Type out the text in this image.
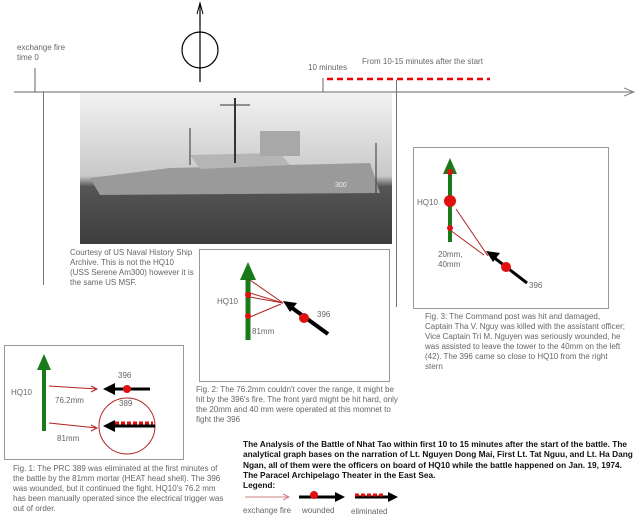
exchange fire
time 0
10 minutes
From 10-15 minutes after the start
300
Courtesy of US Naval History Ship Archive. This is not the HQ10 (USS Serene Am300) however it is the same US MSF.
HQ10
396
81mm
Fig. 2: The 76.2mm couldn't cover the range, it might be hit by the 396's fire. The front yard might be hit hard, only the 20mm and 40 mm were operated at this momnet to fight the 396
HQ10
396
389
76.2mm
81mm
Fig. 1: The PRC 389 was eliminated at the first minutes of the battle by the 81mm mortar (HEAT head shell). The 396 was wounded, but it continued the fight. HQ10's 76.2 mm has been manually operated since the electrical trigger was out of order.
HQ10
396
20mm,
40mm
Fig. 3: The Command post was hit and damaged, Captain Tha V. Nguy was killed with the assistant officer; Vice Captain Tri M. Nguyen was seriously wounded, he was assisted to leave the tower to the 40mm on the left (42). The 396 came so close to HQ10 from the right stern
The Analysis of the Battle of Nhat Tao within first 10 to 15 minutes after the start of the battle. The analytical graph bases on the narration of Lt. Nguyen Dong Mai, First Lt. Tat Nguu, and Lt. Ha Dang Ngan, all of them were the officers on board of HQ10 while the battle happened on Jan. 19, 1974. The Paracel Archipelago Theater in the East Sea.
Legend:
exchange fire wounded eliminated
